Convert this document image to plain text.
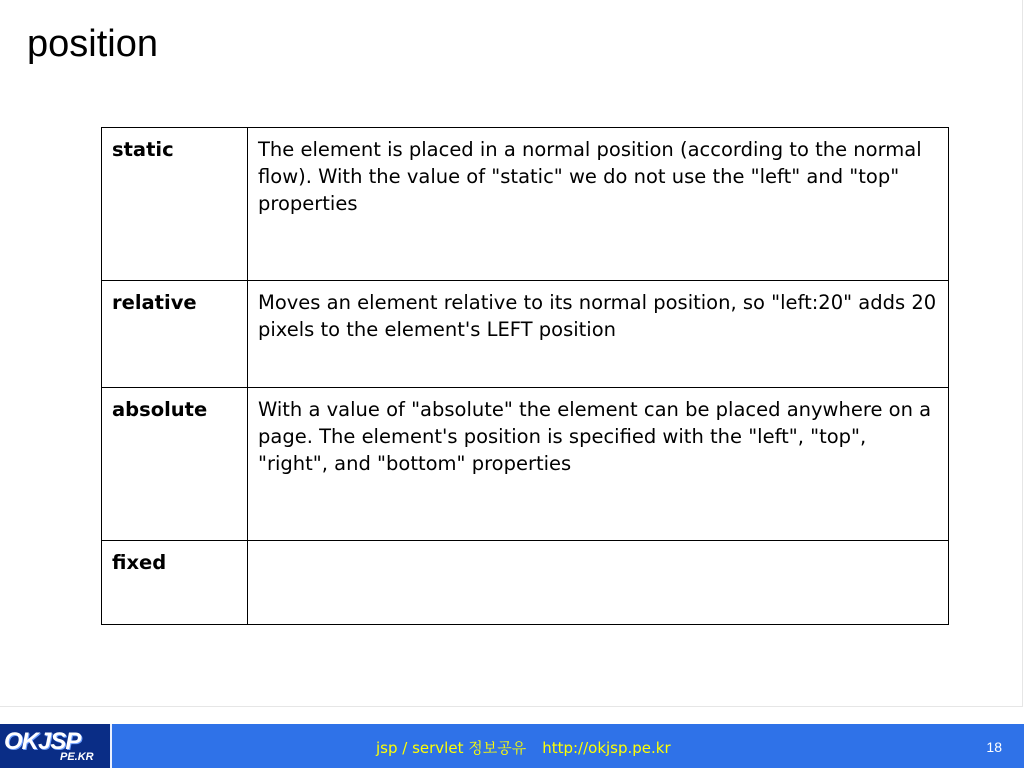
position
static	The element is placed in a normal position (according to the normal flow). With the value of "static" we do not use the "left" and "top" properties
relative	Moves an element relative to its normal position, so "left:20" adds 20 pixels to the element's LEFT position
absolute	With a value of "absolute" the element can be placed anywhere on a page. The element's position is specified with the "left", "top", "right", and "bottom" properties
fixed	
OKJSP
PE.KR	jsp / servlet 정보공유 http://okjsp.pe.kr	18
